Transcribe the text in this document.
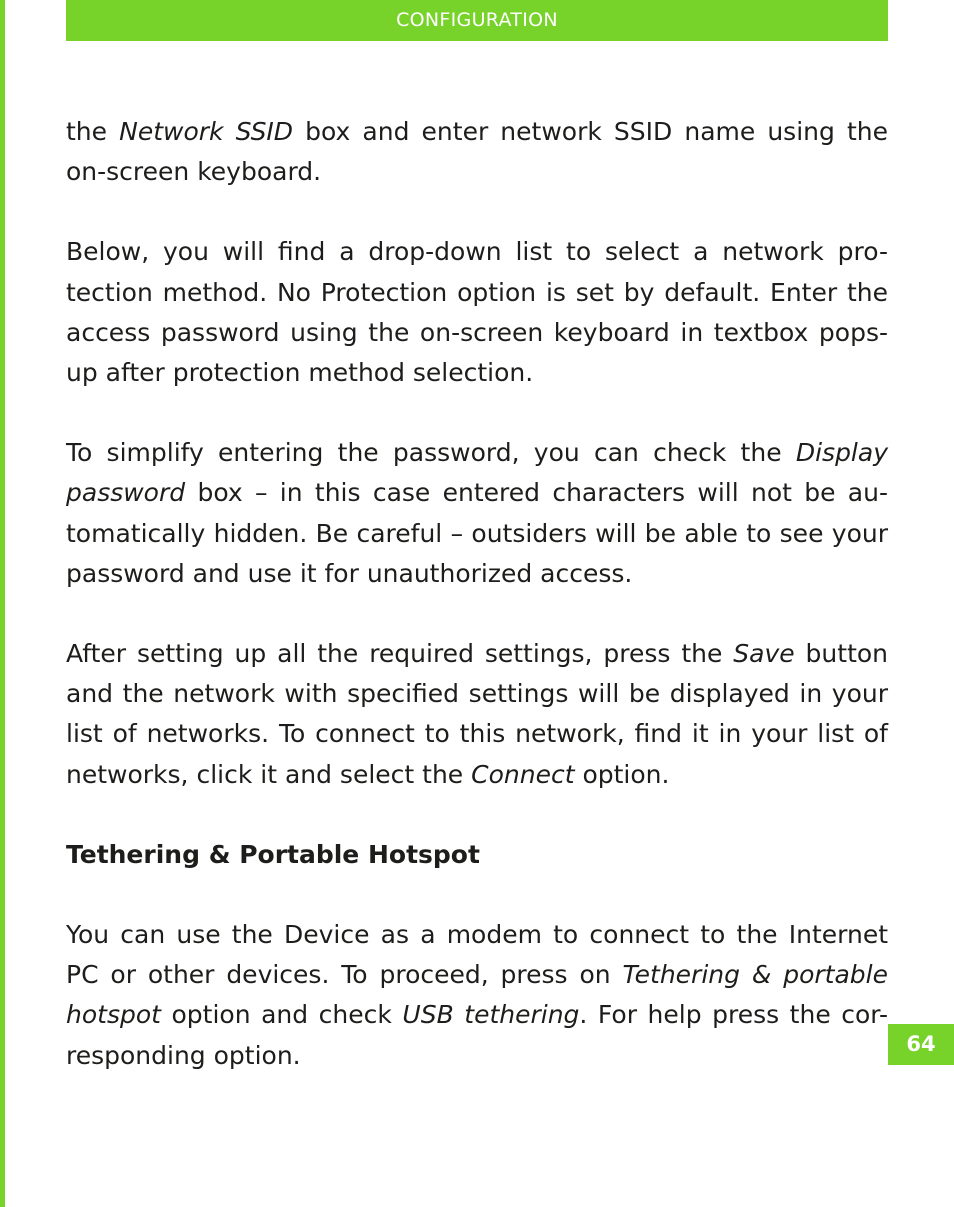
CONFIGURATION

the Network SSID box and enter network SSID name using the on-screen keyboard.

Below, you will find a drop-down list to select a network pro-tection method. No Protection option is set by default. Enter the access password using the on-screen keyboard in textbox pops-up after protection method selection.

To simplify entering the password, you can check the Display password box – in this case entered characters will not be au-tomatically hidden. Be careful – outsiders will be able to see your password and use it for unauthorized access.

After setting up all the required settings, press the Save button and the network with specified settings will be displayed in your list of networks. To connect to this network, find it in your list of networks, click it and select the Connect option.

Tethering & Portable Hotspot

You can use the Device as a modem to connect to the Internet PC or other devices. To proceed, press on Tethering & portable hotspot option and check USB tethering. For help press the cor-responding option.	64
